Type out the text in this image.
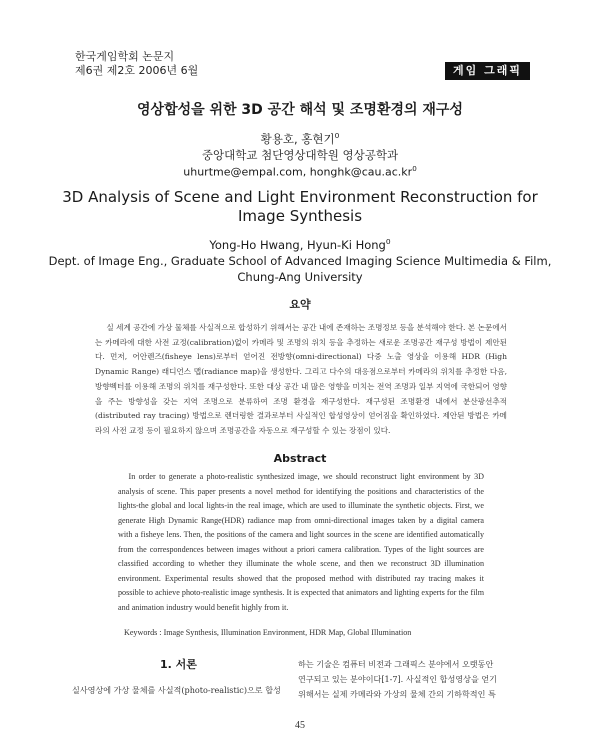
한국게임학회 논문지
제6권 제2호 2006년 6월	게임 그래픽
영상합성을 위한 3D 공간 해석 및 조명환경의 재구성
황용호, 홍현기$^0$
중앙대학교 첨단영상대학원 영상공학과
uhurtme@empal.com, $honghk@cau.ac.kr^0$
3D Analysis of Scene and Light Environment Reconstruction for
Image Synthesis
Yong-Ho Hwang, Hyun-Ki Hong$^0$
Dept. of Image Eng., Graduate School of Advanced Imaging Science Multimedia & Film,
Chung-Ang University
요약
실 세계 공간에 가상 물체를 사실적으로 합성하기 위해서는 공간 내에 존재하는 조명정보 등을 분석해야 한다. 본 논문에서는 카메라에 대한 사전 교정(calibration)없이 카메라 및 조명의 위치 등을 추정하는 새로운 조명공간 재구성 방법이 제안된다. 먼저, 어안렌즈(fisheye lens)로부터 얻어진 전방향(omni-directional) 다중 노출 영상을 이용해 HDR (High Dynamic Range) 래디언스 맵(radiance map)을 생성한다. 그리고 다수의 대응점으로부터 카메라의 위치를 추정한 다음, 방향벡터를 이용해 조명의 위치를 재구성한다. 또한 대상 공간 내 많은 영향을 미치는 전역 조명과 일부 지역에 국한되어 영향을 주는 방향성을 갖는 지역 조명으로 분류하여 조명 환경을 재구성한다. 재구성된 조명환경 내에서 분산광선추적(distributed ray tracing) 방법으로 렌더링한 결과로부터 사실적인 합성영상이 얻어짐을 확인하였다. 제안된 방법은 카메라의 사전 교정 등이 필요하지 않으며 조명공간을 자동으로 재구성할 수 있는 장점이 있다.
Abstract
In order to generate a photo-realistic synthesized image, we should reconstruct light environment by 3D analysis of scene. This paper presents a novel method for identifying the positions and characteristics of the lights-the global and local lights-in the real image, which are used to illuminate the synthetic objects. First, we generate High Dynamic Range(HDR) radiance map from omni-directional images taken by a digital camera with a fisheye lens. Then, the positions of the camera and light sources in the scene are identified automatically from the correspondences between images without a priori camera calibration. Types of the light sources are classified according to whether they illuminate the whole scene, and then we reconstruct 3D illumination environment. Experimental results showed that the proposed method with distributed ray tracing makes it possible to achieve photo-realistic image synthesis. It is expected that animators and lighting experts for the film and animation industry would benefit highly from it.
Keywords : Image Synthesis, Illumination Environment, HDR Map, Global Illumination
1. 서론
실사영상에 가상 물체를 사실적(photo-realistic)으로 합성
하는 기술은 컴퓨터 비전과 그래픽스 분야에서 오랫동안
연구되고 있는 분야이다[1-7]. 사실적인 합성영상을 얻기
위해서는 실제 카메라와 가상의 물체 간의 기하학적인 특
45
